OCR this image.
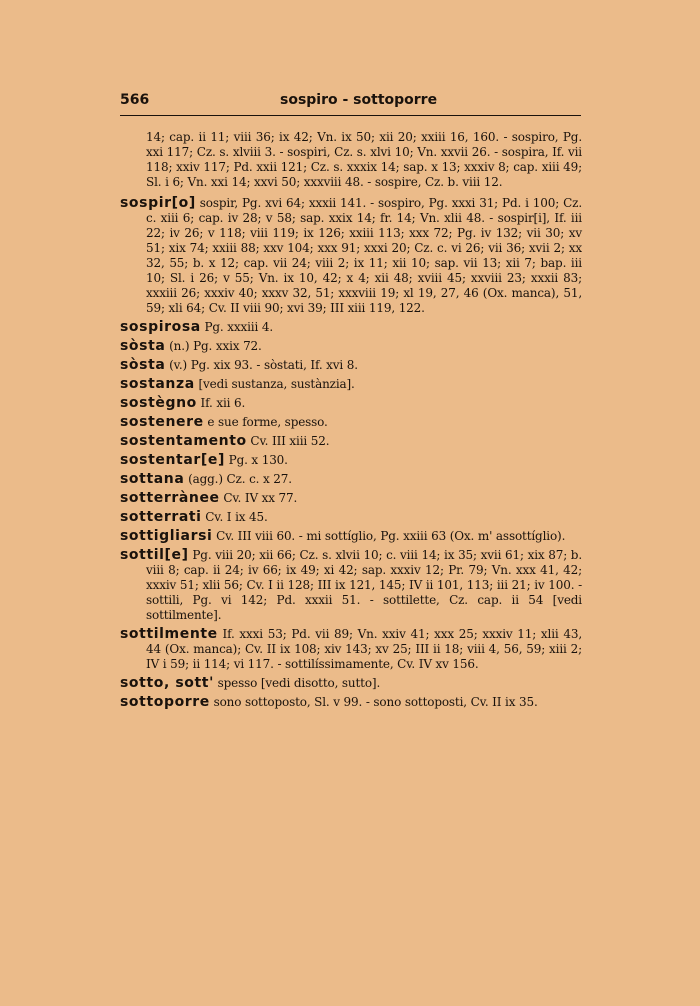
566	sospiro - sottoporre

14; cap. ii 11; viii 36; ix 42; Vn. ix 50; xii 20; xxiii 16, 160. - sospiro, Pg. xxi 117; Cz. s. xlviii 3. - sospiri, Cz. s. xlvi 10; Vn. xxvii 26. - sospira, If. vii 118; xxiv 117; Pd. xxii 121; Cz. s. xxxix 14; sap. x 13; xxxiv 8; cap. xiii 49; Sl. i 6; Vn. xxi 14; xxvi 50; xxxviii 48. - sospire, Cz. b. viii 12.

sospir[o] sospir, Pg. xvi 64; xxxii 141. - sospiro, Pg. xxxi 31; Pd. i 100; Cz. c. xiii 6; cap. iv 28; v 58; sap. xxix 14; fr. 14; Vn. xlii 48. - sospir[i], If. iii 22; iv 26; v 118; viii 119; ix 126; xxiii 113; xxx 72; Pg. iv 132; vii 30; xv 51; xix 74; xxiii 88; xxv 104; xxx 91; xxxi 20; Cz. c. vi 26; vii 36; xvii 2; xx 32, 55; b. x 12; cap. vii 24; viii 2; ix 11; xii 10; sap. vii 13; xii 7; bap. iii 10; Sl. i 26; v 55; Vn. ix 10, 42; x 4; xii 48; xviii 45; xxviii 23; xxxii 83; xxxiii 26; xxxiv 40; xxxv 32, 51; xxxviii 19; xl 19, 27, 46 (Ox. manca), 51, 59; xli 64; Cv. II viii 90; xvi 39; III xiii 119, 122.

sospirosa Pg. xxxiii 4.

sòsta (n.) Pg. xxix 72.

sòsta (v.) Pg. xix 93. - sòstati, If. xvi 8.

sostanza [vedi sustanza, sustànzia].

sostègno If. xii 6.

sostenere e sue forme, spesso.

sostentamento Cv. III xiii 52.

sostentar[e] Pg. x 130.

sottana (agg.) Cz. c. x 27.

sotterrànee Cv. IV xx 77.

sotterrati Cv. I ix 45.

sottigliarsi Cv. III viii 60. - mi sottíglio, Pg. xxiii 63 (Ox. m' assottíglio).

sottil[e] Pg. viii 20; xii 66; Cz. s. xlvii 10; c. viii 14; ix 35; xvii 61; xix 87; b. viii 8; cap. ii 24; iv 66; ix 49; xi 42; sap. xxxiv 12; Pr. 79; Vn. xxx 41, 42; xxxiv 51; xlii 56; Cv. I ii 128; III ix 121, 145; IV ii 101, 113; iii 21; iv 100. - sottili, Pg. vi 142; Pd. xxxii 51. - sottilette, Cz. cap. ii 54 [vedi sottilmente].

sottilmente If. xxxi 53; Pd. vii 89; Vn. xxiv 41; xxx 25; xxxiv 11; xlii 43, 44 (Ox. manca); Cv. II ix 108; xiv 143; xv 25; III ii 18; viii 4, 56, 59; xiii 2; IV i 59; ii 114; vi 117. - sottilíssimamente, Cv. IV xv 156.

sotto, sott' spesso [vedi disotto, sutto].

sottoporre sono sottoposto, Sl. v 99. - sono sottoposti, Cv. II ix 35.
